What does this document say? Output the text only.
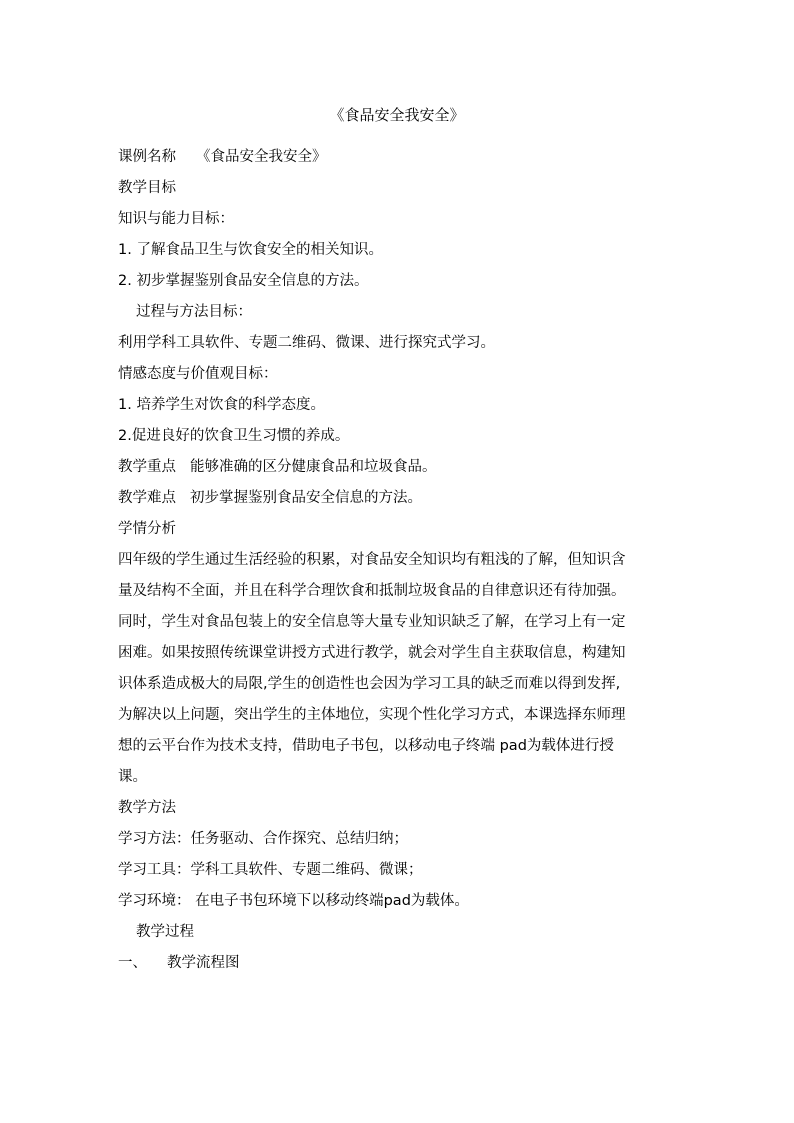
《食品安全我安全》
课例名称 《食品安全我安全》
教学目标
知识与能力目标：
1. 了解食品卫生与饮食安全的相关知识。
2. 初步掌握鉴别食品安全信息的方法。
过程与方法目标：
利用学科工具软件、专题二维码、微课、进行探究式学习。
情感态度与价值观目标：
1. 培养学生对饮食的科学态度。
2.促进良好的饮食卫生习惯的养成。
教学重点 能够准确的区分健康食品和垃圾食品。
教学难点 初步掌握鉴别食品安全信息的方法。
学情分析
四年级的学生通过生活经验的积累，对食品安全知识均有粗浅的了解，但知识含
量及结构不全面，并且在科学合理饮食和抵制垃圾食品的自律意识还有待加强。
同时，学生对食品包装上的安全信息等大量专业知识缺乏了解，在学习上有一定
困难。如果按照传统课堂讲授方式进行教学，就会对学生自主获取信息，构建知
识体系造成极大的局限,学生的创造性也会因为学习工具的缺乏而难以得到发挥,
为解决以上问题，突出学生的主体地位，实现个性化学习方式，本课选择东师理
想的云平台作为技术支持，借助电子书包，以移动电子终端 pad为载体进行授
课。
教学方法
学习方法：任务驱动、合作探究、总结归纳；
学习工具：学科工具软件、专题二维码、微课；
学习环境： 在电子书包环境下以移动终端pad为载体。
教学过程
一、 教学流程图
